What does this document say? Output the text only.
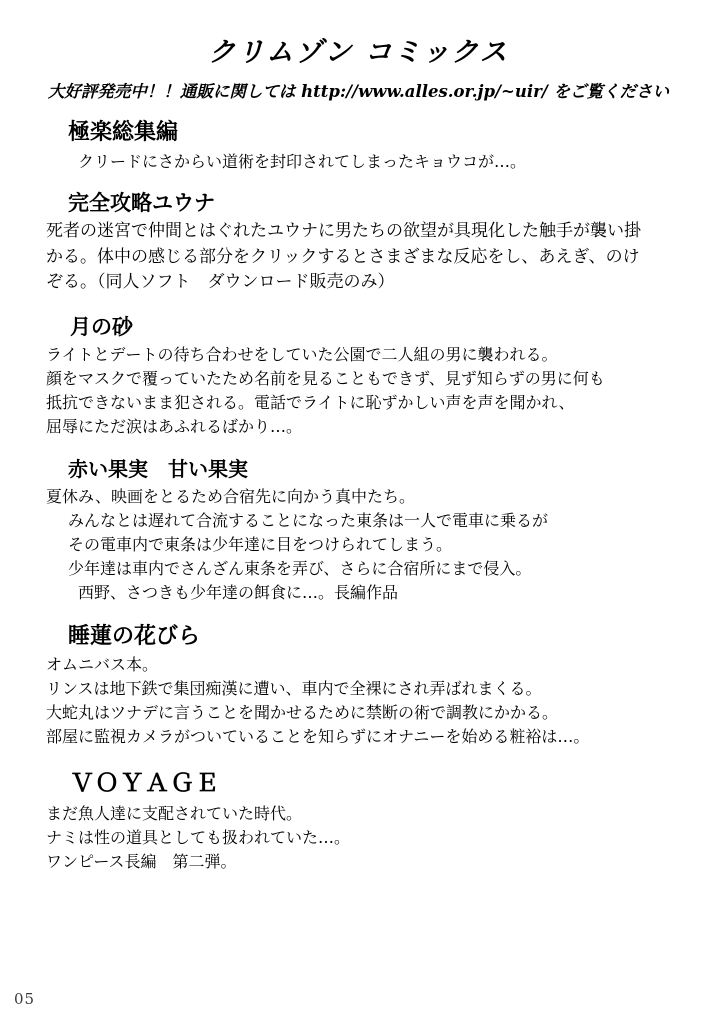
クリムゾン コミックス
大好評発売中！！通販に関しては http://www.alles.or.jp/~uir/ をご覧ください
極楽総集編

クリードにさからい道術を封印されてしまったキョウコが…。

完全攻略ユウナ

死者の迷宮で仲間とはぐれたユウナに男たちの欲望が具現化した触手が襲い掛

かる。体中の感じる部分をクリックするとさまざまな反応をし、あえぎ、のけ

ぞる。（同人ソフト　ダウンロード販売のみ）

月の砂

ライトとデートの待ち合わせをしていた公園で二人組の男に襲われる。

顔をマスクで覆っていたため名前を見ることもできず、見ず知らずの男に何も

抵抗できないまま犯される。電話でライトに恥ずかしい声を声を聞かれ、

屈辱にただ涙はあふれるばかり…。

赤い果実　甘い果実

夏休み、映画をとるため合宿先に向かう真中たち。

みんなとは遅れて合流することになった東条は一人で電車に乗るが

その電車内で東条は少年達に目をつけられてしまう。

少年達は車内でさんざん東条を弄び、さらに合宿所にまで侵入。

西野、さつきも少年達の餌食に…。長編作品

睡蓮の花びら

オムニバス本。

リンスは地下鉄で集団痴漢に遭い、車内で全裸にされ弄ばれまくる。

大蛇丸はツナデに言うことを聞かせるために禁断の術で調教にかかる。

部屋に監視カメラがついていることを知らずにオナニーを始める粧裕は…。

ＶＯＹＡＧＥ

まだ魚人達に支配されていた時代。

ナミは性の道具としても扱われていた…。

ワンピース長編　第二弾。

05
